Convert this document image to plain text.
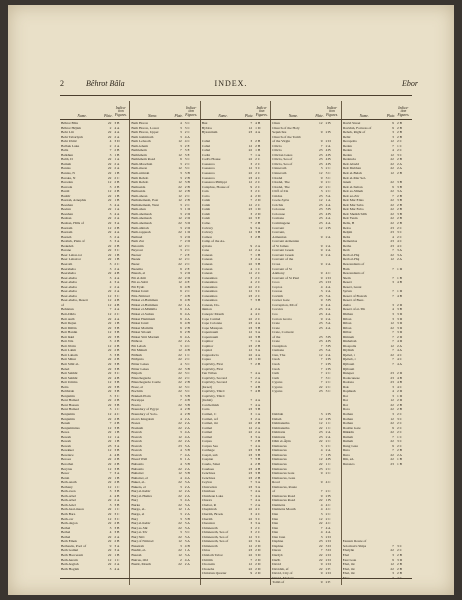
2	Bêhrot Bâla	INDEX.	Ebor
Name.	Plate.
Indica-tion Figures.	Name.	Plate.
Indica-tion Figures.	Name.	Plate.
Indica-tion Figures.	Name.	Plate.
Indica-tion Figures.	Name.	Plate.
Indica-tion Figures.
Bêhrot Bâla	22 3 B
Bêhrot Hêjleh	2 4 A
Behr Lût	22 4 A
Behr Tabarîyeh	22 2 A
Bahr Ulmê	4 3 D
Balbek Luke	2 2 A
Balis	7 2 B
Balkhun	3 1 B
Baltâ, D	22 1 A
Bamah	22 2 A
Banias	22 2 A
Banias, N	22 1 B
Baraka, N	22 2 C
Baradan	12 2 B
Barrada	3 2 B
Barsît	12 2 B
Bashîr	22 1 B
Bazzah, Arnephis	22 1 B
Beeshan	3 4 A
Beelan	22 1 A
Beeshan	3 4 A
Beshan	22 2 A
Beshan, Hills of	22 3 A
Bazzam	12 2 B
Bazzam	22 4 A
Bazzeh	3 2 A
Beallah, Plain of	3 3 A
Beakdeh	22 2 B
Barane	22 3 C
Beer Lahai-roi	22 1 B
Beer Lahairoi	22 1 B
Beeroth	3 2 C
Beersheba	3 2 A
Beersheba	22 4 B
Beer-sheba	3 4 A
Beer-sheba	4 3 A
Beer-sheba	2 2 A
Beer-sheba	22 2 A
Beer-sheba	12 3 C
Beer-sheba, Desert	12 4 B
of	12 4 B
Behistun	7 4 A
Beit-Dâris	12 2 C
Beit Aulâ	22 4 A
Beit Dejan	22 1 B
Beit Dûlân	22 3 B
Beit Hanûn	12 3 B
Beit Ikkâ	22 3 B
Beit Jâla	3 2 B
Beit Jibrin	12 2 B
Beit Lahm	22 2 B
Beit Laham	3 3 B
Beit Sâhur	22 2 B
Beit Sibîr el-	22 3 B
Beled	22 3 B
Beit Sahhâr	22 3 C
Beit Sahhâr	22 4 B
Beit Umma	12 3 B
Beita	22 3 B
Belthirah	22 3 B
Benjamin	3 3 C
Beni Hamad	22 2 B
Beni Hassan	22 3 B
Beni Hamad	3 1 C
Benjamin	12 4 C
Benjamin	22 2 B
Beneh	7 2 B
Benjaminites	12 3 B
Berea	22 1 B
Beresh	12 1 A
Beresh	22 1 B
Beresh	23 3 A
Berekket	12 3 B
Berenice	4 4 B
Beroea	22 2 B
Berothai	22 2 B
Berytus	12 3 B
Besor	7 3 A
Betah	22 1 B
Beth-anath	22 2 B
Bethany	12 1 C
Beth-aven	3 3 B
Beth-arbel	4 4 B
Beth-arbel	22 2 A
Beth Ariel	3 3 B
Beth-baal-meon	22 1 C
Beth Bara	22 3 C
Beth-car	12 3 C
Beth-dagon	22 2 B
Bethel	3 3 B
Bethel	4 3 B
Bethel	22 2 A
Beth Emek	22 2 B
Bethesda, Pool of	9 3 A
Beth Gamul	22 3 A
Beth Haccerem	22 1 B
Beth-haram	12 1 C
Beth-hoglah	22 2 A
Beth Hoglah	3 4 A
Beth Horon	4 3 C
Beth Horon, Lower	3 3 C
Beth Horon, Upper	3 2 C
Beth Jeshimoth	3 4 A
Beth Lebaoth	12 4 C
Beth-lehem	3 2 E
Bethlehem	7 3 E
Bethlehem	12 3 E
Bethlehem Road	9 3 C
Beth-Maachah	3 2 C
Beth-meon	12 3 C
Beth-nimrah	3 3 B
Beth Rehob	3 2 B
Beth Rehob	12 3 B
Bethsaida	22 2 B
Bethsaida	12 2 B
Beth-shean	12 2 C
Bethshemesh, East	12 2 B
Bethshemesh, West	3 2 C
Beth-shan	3 1 D
Beth-shemesh	3 2 D
Beth-shemesh	12 2 D
Beth-shemesh	22 3 D
Beth-shittah	3 2 D
Beth-tappuah	22 1 D
Bethuel	3 2 D
Beth Zur	7 2 D
Betonim	12 2 C
Beyrout	3 2 C
Bezaar	7 2 E
Bezek	12 2 C
Bezer	22 2 C
Bezetha	9 2 E
Biereh, el	3 2 D
Bir el-Kût	22 2 D
Bir es-Sabâ	12 4 E
Bir Eyub	9 4 B
Birket Israil	9 2 C
Birs-Nimrud	7 4 B
Birket el-Hamman	9 4 B
Birket el-Hamman	22 1 A
Birket el-Mâmilla	9 4 A
Birket el-Sultan	9 4 A
Birket Hammam	9 4 A
Birket Israil	9 4 B
Birket Mamilla	9 2 B
Birket Siloam	9 2 B
Birket Sitti Mariam	9 4 A
Bithron	22 2 A
Bir Lebah	3 4 C
Bir Mênuli	12 4 B
Bithiah	22 1 C
Bithynia	22 2 C
Bitter Lakes	4 3 C
Bitter Lakes	22 3 B
Bizjoth	22 3 C
Blanchegarde	22 2 C
Blanchegarde Castle	22 2 B
Boaz, el	12 3 C
Bochim	22 3 C
Bokkeh Plain	3 3 B
Borsippa	7 4 B
Bostra	22 3 B
Boundary of Egypt	4 2 B
Boundary of Solo-	4 2 B
mon's Kingdom	4 2 A
Bozez	22 2 A
Bozkath	22 2 A
Bozrah	3 4 A
Bozrah	12 4 A
Bozrah	22 2 A
Bozrah	23 3 A
Bozrah	4 3 B
Bozrah	7 4 A
Bread Wall	9 1 A
Bubastis	4 3 B
Bubastis	22 2 A
Buhairet	12 3 B
Buhairet, el	4 4 A
Bukei, el-	22 3 A
Bukeia, el	3 2 A
Burj el-Kebir	12 2 A
Burj el-Hamra	22 2 A
Burj	3 4 A
Burka	22 3 A
Burga, el-	12 1 A
Burga, el	3 2 A
Burj	3 3 B
Burj el-Kebir	22 3 A
Burj es-Sûr	22 3 A
Burj et-Tôr	3 3 C
Burj Sitti	22 3 A
Burj of Nimrod	12 3 A
Buseirah	3 4 B
Bushîr, el-	22 1 A
Busrah	12 3 A
Butrus, Old	2 4 A
Buzâr, Mouth	22 2 A
Buz	7 4 B
Byblos	12 1 D
Byzantium	23 4 A
Cabul	3 2 B
Cabul	12 2 B
Cabul	22 1 B
Cadiz	7 1 A
Cadi's House	22 2 C
Caesarea	3 2 C
Caesarea	12 3 C
Caesarea	22 2 C
Caesarea	23 4 C
Caesarea Philippi	12 2 C
Caiaphas, House of	9 2 C
Cain	3 2 C
Cairo	4 2 D
Calah	7 2 D
Calah	12 2 C
Calah	23 1 D
Caleb	3 2 D
Caleb	22 3 E
Calno	7 2 B
Calvary	9 3 A
Calvary	12 3 B
Camon	3 2 B
Camp of the As-
syrians	9 2 A
Cana	12 2 A
Canaan	7 1 B
Canaan	3 2 A
Canaan	22 3 B
Canaan	4 1 C
Canaan	12 2 C
Canaanites	3 2 C
Canaanites	4 2 C
Canaanites	22 2 C
Canaanites	12 3 C
Canaanites	23 2 C
Canaanites	7 3 B
Canaan, Do-
minion	4 2 A
Canopic Mouth	4 4 C
Cape Carmel	22 2 C
Cape Colonna	23 4 A
Cape Matapan	23 3 B
Capernaum	12 3 A
Capernaum	22 3 B
Caphtor	7 1 A
Caphtor	23 2 B
Capitol	12 3 A
Cappadocia	22 4 A
Capua	23 1 D
Captivity, First	7 2 B
Captivity, First
Ten Tribes	7 4 A
Captivity, Second	7 2 A
Captivity, Second	7 2 A
(Israel)	7 4 B
Captivity, Third	7 4 B
Captivity, Third
(Judah)	7 4 A
Carchemish	7 4 A
Caria	23 3 B
Carmel, C	3 1 A
Carmel, ref	3 2 A
Carmel, mt	22 2 B
Carmel	12 2 A
Carmel	22 2 A
Carmel	3 3 A
Carpus	7 2 B
Carpus Sea	7 4 A
Carthage	23 3 B
Caspii, sub	23 3 B
Caspian	7 3 B
Cauda, Sinai	4 2 B
Caudaea	23 4 B
Cenchrea	23 3 B
Cenchrea	23 2 B
Ceylon	7 3 A
Chalcedon	23 3 A
Chaldaea	7 4 A
Chaldean Lake	7 4 A
Charax	7 4 A
Chebar, R	7 2 A
Chephirah	22 4 C
Cherith, Brook	3 4 C
Cherith	22 3 C
Chesalon	3 3 A
Chinnereth	3 2 C
Chinnereth, Sea of	3 2 C
Chinnereth, Sea of	12 3 C
Chinnereth, Sea of	22 3 A
Chinnereth	12 2 D
Chios	23 2 D
Chisloth Tabor	22 3 D
Chittim	7 2 D
Chorazin	12 2 D
Chozeba	22 2 D
Christian Quarter	9 2 D
Chun	12 2 B
Church of the Holy
Sepulchre	9 2 B
Church of the Tomb
of the Virgin	9 2 D
Cilicia	7 2 A
Cilicia	23 4 B
Cilician Gates	23 4 B
Cilicia, Sea of	23 4 B
Cilicia, Sea of	23 4 B
Cinneroth	3 2 C
Cinneroth	12 3 C
Citadel	9 3 C
Citadel, The	9 2 C
Citadel, The	22 2 C
Cliff of Ziz	3 2 C
Cnidus	23 3 A
Coele-Syria	12 1 A
Colchis	23 4 A
Colossae	23 3 B
Colossae	23 4 B
Comana	23 4 A
Commagene	23 4 A
Convent	12 2 B
Convent,
Armenian	9 2 A
Convent Armenian
of St James	9 2 A
Convent Greek	9 2 A
Convent Greek	9 2 A
Convent of the
Cross	9 2 A
Convent of St
Anthony	9 4 C
Convent of St Paul	9 2 D
Coos	23 2 D
Coptos	4 4 A
Coreae	3 2 A
Corinth	23 3 A
Corner Gate	9 3 B
Corruption, Mt of	9 4 A
Corsica	23 2 A
Cos	23 4 A
Cotton Grotto	9 2 A
Crete	23 3 A
Crete	23 4 A
Crete, Convent
of the	23 3 B
Crete	23 4 B
Ctesiphon	7 3 B
Cumana	23 3 A
Cun, The	12 2 A
Cush	7 2 B
Cush	7 2 B
Cush	7 2 B
Cuth	7 2 C
Cuth	7 3 C
Cyprus	7 2 C
Cyprus	22 2 C
Cyprus	23 3 C
Dabbah	3 2 B
Dabeh	12 2 B
Dalmanutha	12 1 C
Dalmanutha	22 1 C
Dalmatia	23 2 A
Dalmatia	23 2 A
Dâm el-Âjân	22 2 C
Damascus	3 2 C
Damascus	4 2 A
Damascus	7 1 B
Damascus	12 4 B
Damascus	22 1 C
Damascus	23 2 C
Damascus Gate	9 2 C
Damascus, Gate
Road	9 4 C
Damascus, Route
of	7 2 C
Damascus Road	9 2 B
Damascus Road	22 1 B
Damietta	4 4 C
Damietta Mouth	4 4 C
Dan	3 2 C
Dan	12 2 C
Dan	22 4 C
Dan	7 4 A
Dan	4 4 A
Dan Jaan	3 2 D
Daphne	23 2 D
Daphne	22 3 D
Daran	7 3 D
Darâyâ	22 2 D
Darîb	22 2 D
David	9 2 D
Davidsh, ef	22 2 E
David, City of	9 2 D
David, Modern
Tomb of	9 2 E
David Street	9 2 B
Davidsh, Fortress of	9 2 B
Debeh, Right of	3 2 B
Debir	3 2 B
Decapolis	12 2 C
Dedan	7 1 C
Dedan	4 2 C
Dedan	12 3 C
Dedancia	22 2 B
Deir Abadd	22 2 A
Deir Dubban	22 2 A
Deir el-Belah	12 2 B
Deir el-Mar Sel-
daneh	22 3 B
Deir el-Sultan	9 3 B
Deir es-Sîmeh	22 3 A
Deir ez-Zôr	7 2 B
Deir Mar Elias	22 3 B
Deir Mar Saba	22 2 B
Deir Mar Febo	22 2 B
Deir Sheikh Sâlh	22 3 B
Deir Yesin	22 2 B
Delis, B	22 2 B
Delos	23 2 C
Delphi	23 3 C
Delta	4 2 C
Demetrias	23 4 C
Derbe	23 4 C
Derb	7 3 A
Derb el-Haj	22 3 A
Derb el-Haj	12 2 A
Descendants of
Ham	7 1 D
Descendants of
Shem	7 1 B
Desert	3 4 B
Desert, Great
Syrian	7 1 D
Desert of Bozrah	7 4 B
Desert of Beer-
sheba	3 2 D
Desert of et-Tih	4 3 B
Dhiban	3 3 D
Dibon	3 3 D
Dibon	12 3 D
Dibon	22 3 D
Dilbat	7 3 D
Dimnah	7 2 D
Dinhabah	7 4 D
Diospolis	12 2 A
Diyâlah	7 4 A
Djebel, r	22 4 C
Djebeb, r	7 4 C
Djibouti	7 4 A
Djibouti
Dnieper	23 2 D
Dodecanese	23 4 B
Dodona	23 4 B
Dok	3 4 C
Dophkah	4 2 D
Dor	3 1 D
Dor	12 2 D
Dor	22 2 B
Dora	22 2 B
Dothan	3 2 C
Dothan	12 3 C
Dothan	22 2 C
Double Gate	9 2 C
Dûkkân	22 2 C
Dumah	7 1 C
Dumah	22 3 C
Dung Gate	9 2 C
Dura	7 2 B
Dura	22 2 A
Dûr, ed-	22 1 B
Durazzo	23 1 B
Eastern Route of
Solomon's Ships	7 3 C
Ebalyân	22 2 C
Ebal	3 2 B
East Gate	9 3 D
Ebal, mt	12 2 B
Ebal, mt	22 2 B
Ebal, mt	3 2 B
Ebor	7 2 C
